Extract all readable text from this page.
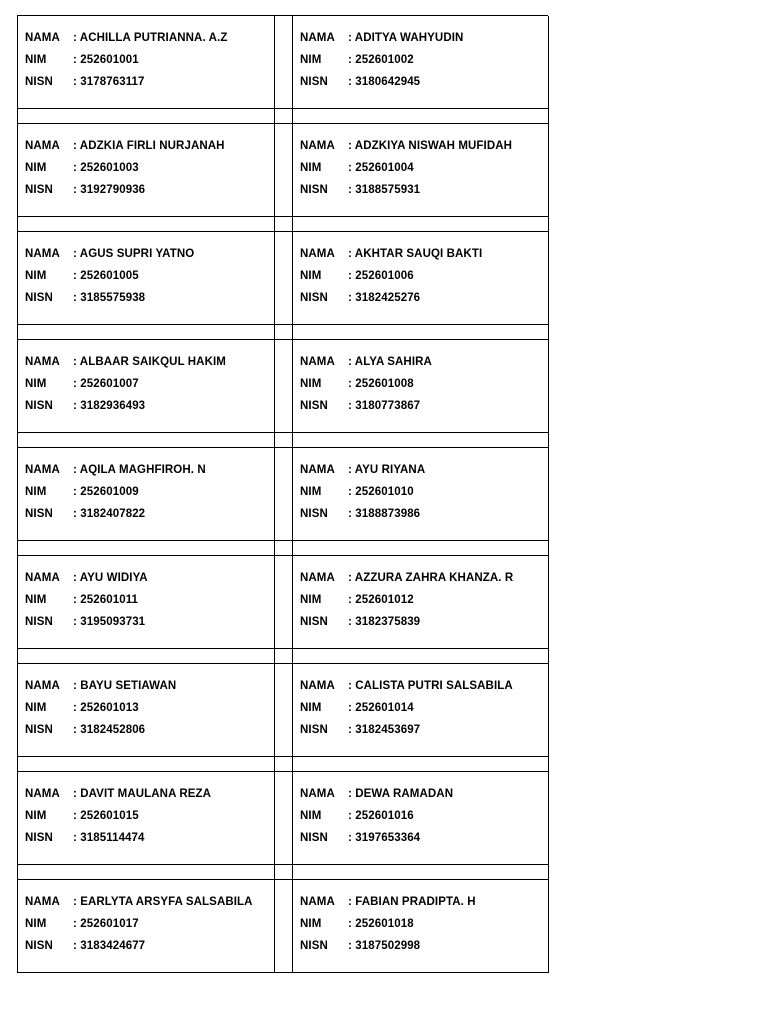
NAMA	: ACHILLA PUTRIANNA. A.Z
NIM	: 252601001
NISN	: 3178763117
NAMA	: ADITYA WAHYUDIN
NIM	: 252601002
NISN	: 3180642945
NAMA	: ADZKIA FIRLI NURJANAH
NIM	: 252601003
NISN	: 3192790936
NAMA	: ADZKIYA NISWAH MUFIDAH
NIM	: 252601004
NISN	: 3188575931
NAMA	: AGUS SUPRI YATNO
NIM	: 252601005
NISN	: 3185575938
NAMA	: AKHTAR SAUQI BAKTI
NIM	: 252601006
NISN	: 3182425276
NAMA	: ALBAAR SAIKQUL HAKIM
NIM	: 252601007
NISN	: 3182936493
NAMA	: ALYA SAHIRA
NIM	: 252601008
NISN	: 3180773867
NAMA	: AQILA MAGHFIROH. N
NIM	: 252601009
NISN	: 3182407822
NAMA	: AYU RIYANA
NIM	: 252601010
NISN	: 3188873986
NAMA	: AYU WIDIYA
NIM	: 252601011
NISN	: 3195093731
NAMA	: AZZURA ZAHRA KHANZA. R
NIM	: 252601012
NISN	: 3182375839
NAMA	: BAYU SETIAWAN
NIM	: 252601013
NISN	: 3182452806
NAMA	: CALISTA PUTRI SALSABILA
NIM	: 252601014
NISN	: 3182453697
NAMA	: DAVIT MAULANA REZA
NIM	: 252601015
NISN	: 3185114474
NAMA	: DEWA RAMADAN
NIM	: 252601016
NISN	: 3197653364
NAMA	: EARLYTA ARSYFA SALSABILA
NIM	: 252601017
NISN	: 3183424677
NAMA	: FABIAN PRADIPTA. H
NIM	: 252601018
NISN	: 3187502998
